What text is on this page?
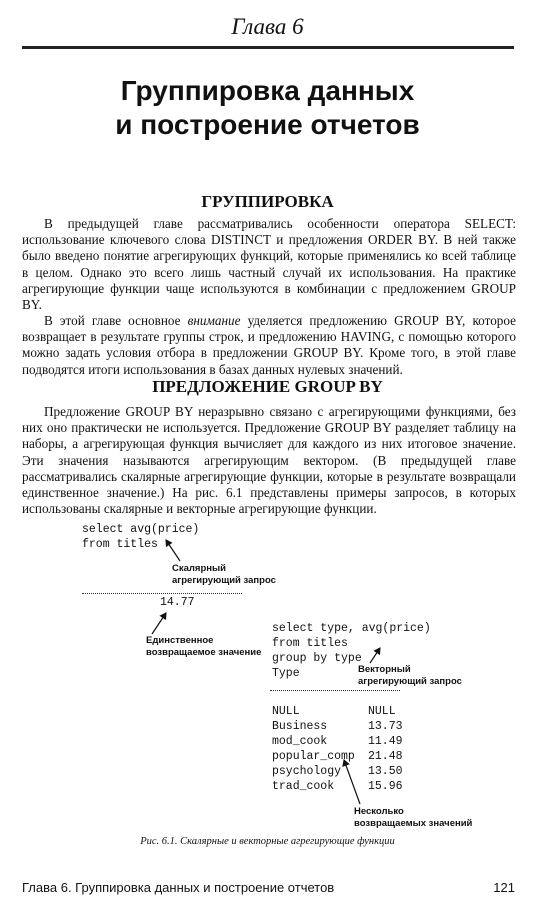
Глава 6
Группировка данных
и построение отчетов
ГРУППИРОВКА

В предыдущей главе рассматривались особенности оператора SELECT: использование ключевого слова DISTINCT и предложения ORDER BY. В ней также было введено понятие агрегирующих функций, которые применялись ко всей таблице в целом. Однако это всего лишь частный случай их использования. На практике агрегирующие функции чаще используются в комбинации с предложением GROUP BY.

В этой главе основное внимание уделяется предложению GROUP BY, которое возвращает в результате группы строк, и предложению HAVING, с помощью которого можно задать условия отбора в предложении GROUP BY. Кроме того, в этой главе подводятся итоги использования в базах данных нулевых значений.

ПРЕДЛОЖЕНИЕ GROUP BY

Предложение GROUP BY неразрывно связано с агрегирующими функциями, без них оно практически не используется. Предложение GROUP BY разделяет таблицу на наборы, а агрегирующая функция вычисляет для каждого из них итоговое значение. Эти значения называются агрегирующим вектором. (В предыдущей главе рассматривались скалярные агрегирующие функции, которые в результате возвращали единственное значение.) На рис. 6.1 представлены примеры запросов, в которых использованы скалярные и векторные агрегирующие функции.

select avg(price)
from titles
Скалярный
агрегирующий запрос
14.77
Единственное
возвращаемое значение
select type, avg(price)
from titles
group by type
Type	Векторный
агрегирующий запрос
NULL	NULL
Business	13.73
mod_cook	11.49
popular_comp 21.48
psychology 13.50
trad_cook	15.96
Несколько
возвращаемых значений
Рис. 6.1. Скалярные и векторные агрегирующие функции
Глава 6. Группировка данных и построение отчетов	121
